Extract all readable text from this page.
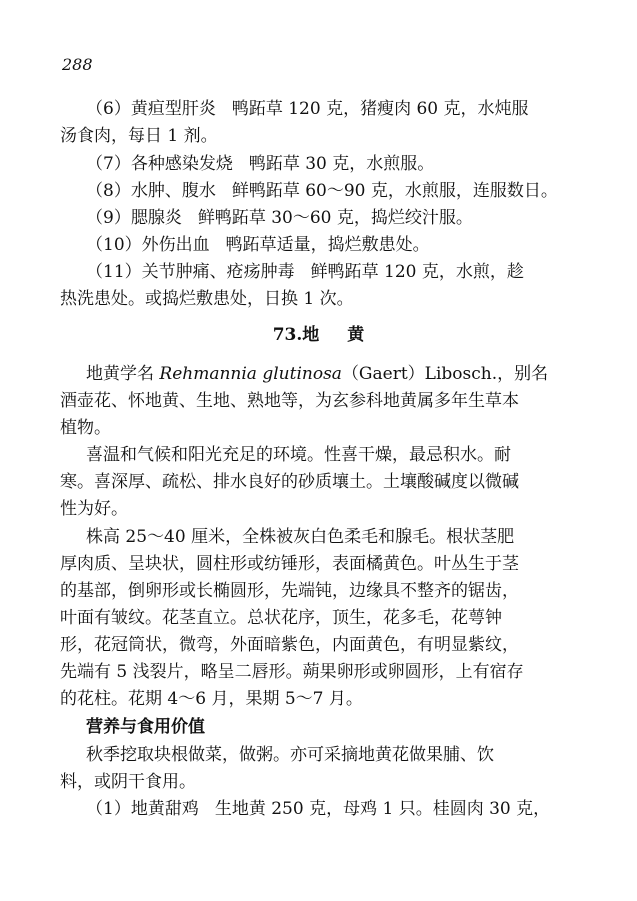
288
（6）黄疸型肝炎 鸭跖草 120 克，猪瘦肉 60 克，水炖服
汤食肉，每日 1 剂。
（7）各种感染发烧 鸭跖草 30 克，水煎服。
（8）水肿、腹水 鲜鸭跖草 60～90 克，水煎服，连服数日。
（9）腮腺炎 鲜鸭跖草 30～60 克，捣烂绞汁服。
（10）外伤出血 鸭跖草适量，捣烂敷患处。
（11）关节肿痛、疮疡肿毒 鲜鸭跖草 120 克，水煎，趁
热洗患处。或捣烂敷患处，日换 1 次。
73.地 黄
地黄学名 Rehmannia glutinosa（Gaert）Libosch.，别名
酒壶花、怀地黄、生地、熟地等，为玄参科地黄属多年生草本
植物。
喜温和气候和阳光充足的环境。性喜干燥，最忌积水。耐
寒。喜深厚、疏松、排水良好的砂质壤土。土壤酸碱度以微碱
性为好。
株高 25～40 厘米，全株被灰白色柔毛和腺毛。根状茎肥
厚肉质、呈块状，圆柱形或纺锤形，表面橘黄色。叶丛生于茎
的基部，倒卵形或长椭圆形，先端钝，边缘具不整齐的锯齿，
叶面有皱纹。花茎直立。总状花序，顶生，花多毛，花萼钟
形，花冠筒状，微弯，外面暗紫色，内面黄色，有明显紫纹，
先端有 5 浅裂片，略呈二唇形。蒴果卵形或卵圆形，上有宿存
的花柱。花期 4～6 月，果期 5～7 月。
营养与食用价值
秋季挖取块根做菜，做粥。亦可采摘地黄花做果脯、饮
料，或阴干食用。
（1）地黄甜鸡 生地黄 250 克，母鸡 1 只。桂圆肉 30 克，
